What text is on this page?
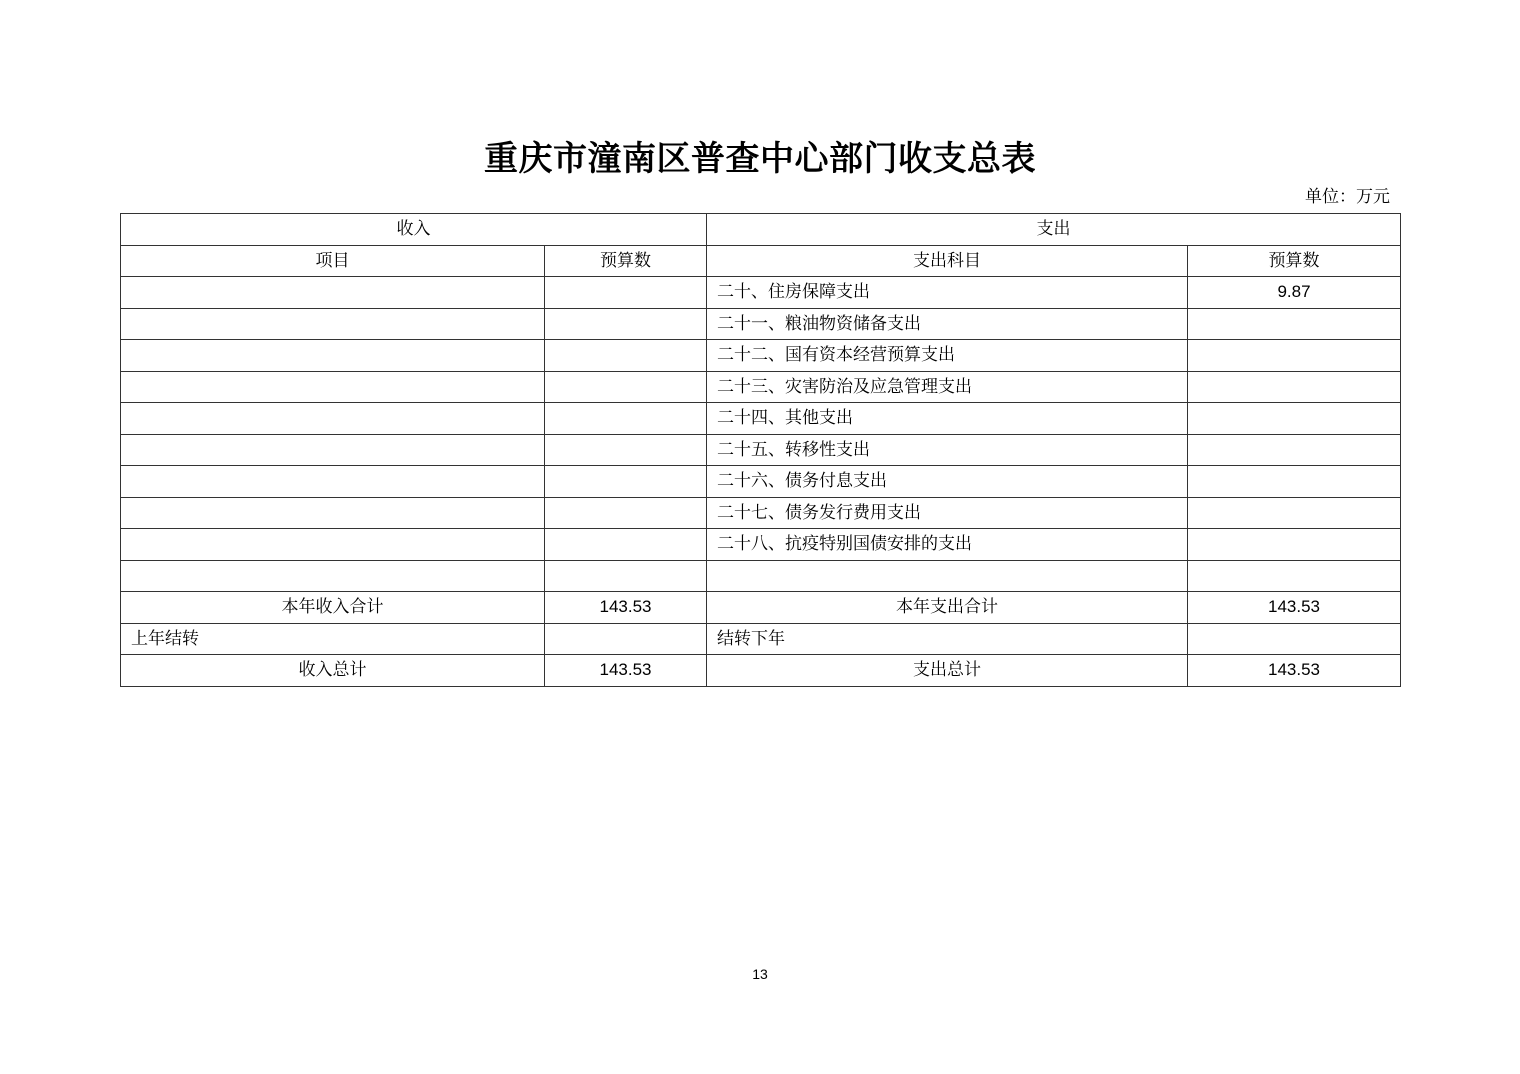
重庆市潼南区普查中心部门收支总表
单位：万元
收入		支出	
项目	预算数	支出科目	预算数
		二十、住房保障支出	9.87
		二十一、粮油物资储备支出	
		二十二、国有资本经营预算支出	
		二十三、灾害防治及应急管理支出	
		二十四、其他支出	
		二十五、转移性支出	
		二十六、债务付息支出	
		二十七、债务发行费用支出	
		二十八、抗疫特别国债安排的支出	

本年收入合计	143.53	本年支出合计	143.53
上年结转		结转下年	
收入总计	143.53	支出总计	143.53
13
